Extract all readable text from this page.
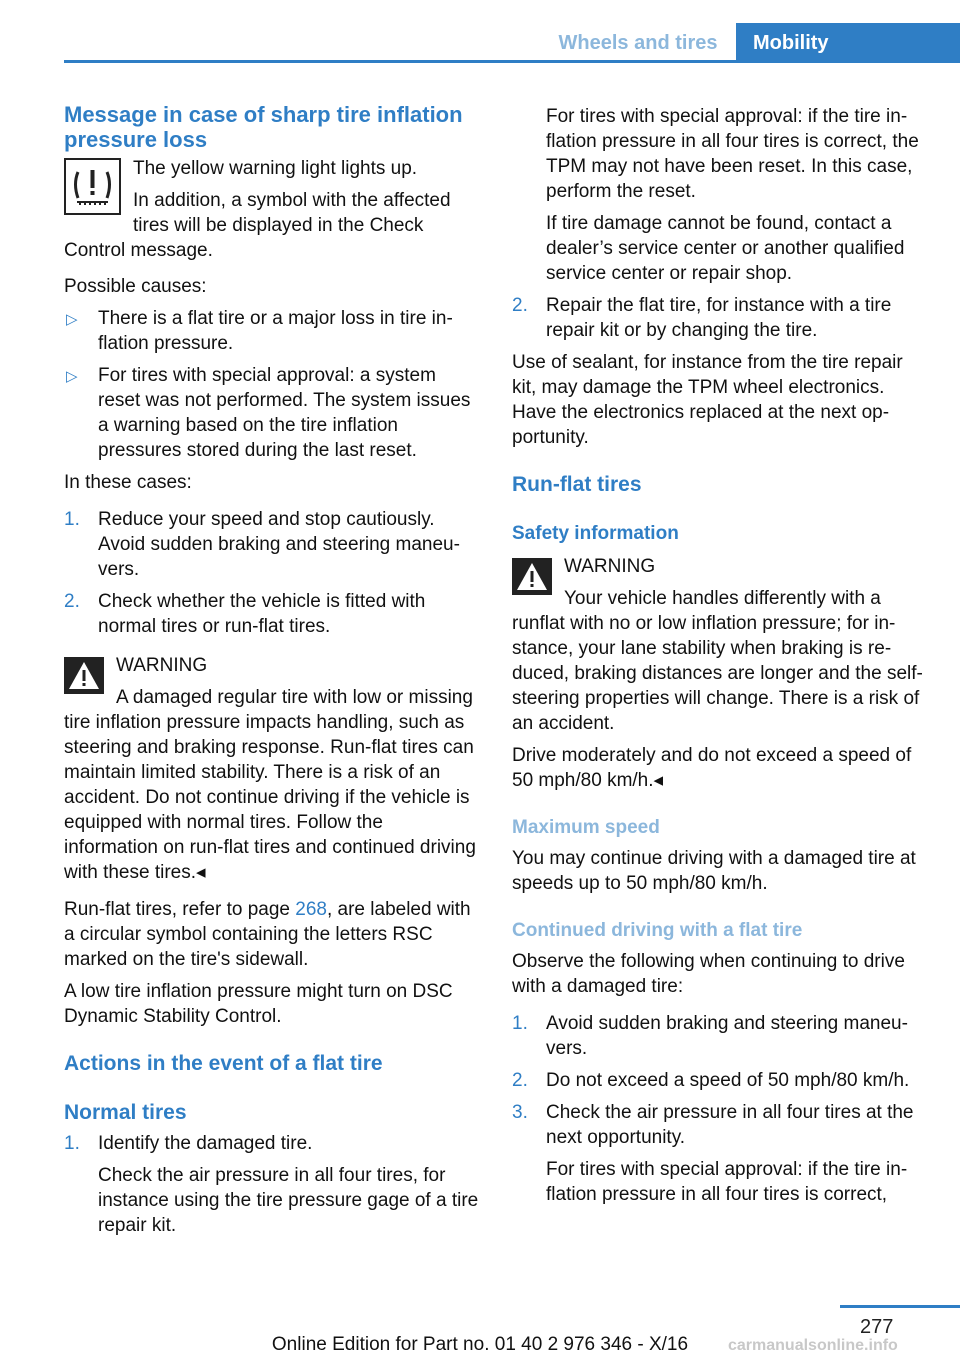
Wheels and tires	Mobility
Message in case of sharp tire inflation pressure loss

The yellow warning light lights up.

In addition, a symbol with the affected tires will be displayed in the Check Control message.

Possible causes:

▷ There is a flat tire or a major loss in tire inflation pressure.
▷ For tires with special approval: a system reset was not performed. The system issues a warning based on the tire inflation pressures stored during the last reset.

In these cases:

1. Reduce your speed and stop cautiously. Avoid sudden braking and steering maneuvers.
2. Check whether the vehicle is fitted with normal tires or run-flat tires.

WARNING

A damaged regular tire with low or missing tire inflation pressure impacts handling, such as steering and braking response. Run-flat tires can maintain limited stability. There is a risk of an accident. Do not continue driving if the vehicle is equipped with normal tires. Follow the information on run-flat tires and continued driving with these tires.◂

Run-flat tires, refer to page 268, are labeled with a circular symbol containing the letters RSC marked on the tire's sidewall.

A low tire inflation pressure might turn on DSC Dynamic Stability Control.

Actions in the event of a flat tire
Normal tires
1. Identify the damaged tire.
Check the air pressure in all four tires, for instance using the tire pressure gage of a tire repair kit.

For tires with special approval: if the tire inflation pressure in all four tires is correct, the TPM may not have been reset. In this case, perform the reset.

If tire damage cannot be found, contact a dealer’s service center or another qualified service center or repair shop.

2. Repair the flat tire, for instance with a tire repair kit or by changing the tire.

Use of sealant, for instance from the tire repair kit, may damage the TPM wheel electronics. Have the electronics replaced at the next opportunity.

Run-flat tires
Safety information

WARNING

Your vehicle handles differently with a runflat with no or low inflation pressure; for instance, your lane stability when braking is reduced, braking distances are longer and the self-steering properties will change. There is a risk of an accident.

Drive moderately and do not exceed a speed of 50 mph/80 km/h.◂

Maximum speed

You may continue driving with a damaged tire at speeds up to 50 mph/80 km/h.

Continued driving with a flat tire

Observe the following when continuing to drive with a damaged tire:

1. Avoid sudden braking and steering maneuvers.
2. Do not exceed a speed of 50 mph/80 km/h.
3. Check the air pressure in all four tires at the next opportunity.
For tires with special approval: if the tire inflation pressure in all four tires is correct,
277
Online Edition for Part no. 01 40 2 976 346 - X/16	carmanualsonline.info
